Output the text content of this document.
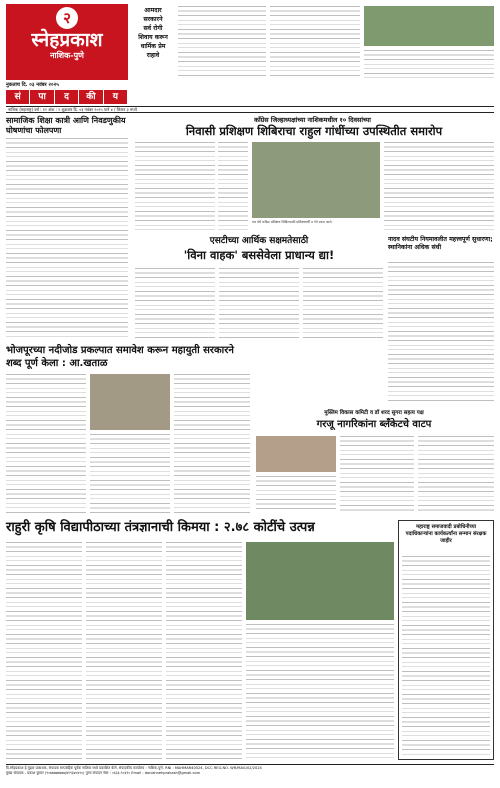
२
स्नेहप्रकाश
नाशिक-पुणे
नुकताच दि. ०३ नवंबर २०२५
आमदार
सरकारने
सर्व रोगी
शिवाय करून
धार्मिक प्रेम
राहावे
सं	पा	द	की	य
नाशिक (महाराष्ट्र) वर्ष : १२ अंक : २ शुक्रवार दि. ०३ नवंबर २०२५ पाने ४ / किंमत ३ रुपये
सामाजिक शिक्षा कात्री आणि निवडणुकीय घोषणांचा फोलपणा
काँग्रेस जिल्हाध्यक्षांच्या नाशिकमधील १० दिवसांच्या
निवासी प्रशिक्षण शिबिराचा राहुल गांधींच्या उपस्थितीत समारोप
मंच येथे काँग्रेस प्रशिक्षण शिबिरासाठी प्रशिक्षणार्थी व नेते एकत्र आले.
एसटीच्या आर्थिक सक्षमतेसाठी
'विना वाहक' बससेवेला प्राधान्य द्या!
नादव संघटीय नियमावलीत महत्त्वपूर्ण सुधारणा; स्थानिकांना अधिक संधी
भोजपूरच्या नदीजोड प्रकल्पात समावेश करून महायुती सरकारने शब्द पूर्ण केला : आ.खताळ
मुस्लिम विकास कमिटी व डॉ शरद सुगरा सहत्य पक्ष
गरजू नागरिकांना ब्लँकेटचे वाटप
राहुरी कृषि विद्यापीठाच्या तंत्रज्ञानाची किमया : २.७८ कोटींचे उत्पन्न	महाराष्ट्र समाजवादी प्रबोधिनीच्या पदाधिकाऱ्यांना कार्यकर्त्यांना सन्मान संरक्षक जाहीर
दि.स्नेहप्रकाश हे मुद्रक प्रकाशक, संपादक साप्ताहिक पूर्वक नाशिक मध्ये प्रकाशित केले. संपादकीय कार्यालय : नाशिक-पुणे. RNI : MAHMAR40524, DCC REG.NO. WR/MAG/02/2024
मुख्य संपादक - प्रकाश कुमार (९०७७७७७७७७/७९९३४०४१०) पुण्य संपादन नंबर : ०६३३-९०३१० Email : danishnehprakash@gmail.com
